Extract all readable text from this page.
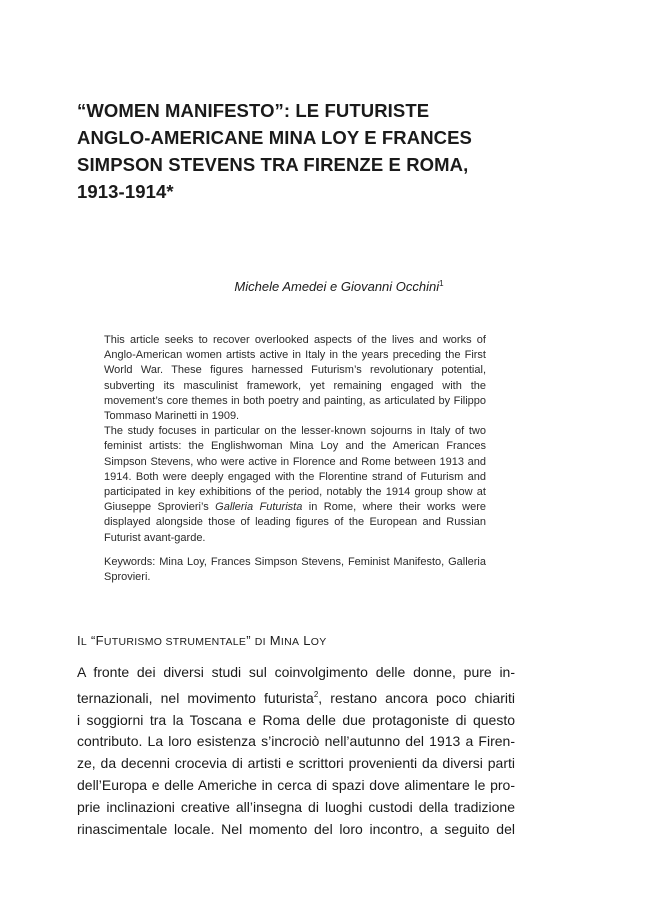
“WOMEN MANIFESTO”: LE FUTURISTE
ANGLO-AMERICANE MINA LOY E FRANCES
SIMPSON STEVENS TRA FIRENZE E ROMA,
1913-1914*
Michele Amedei e Giovanni Occhini$^1$

This article seeks to recover overlooked aspects of the lives and works of Anglo-American women artists active in Italy in the years preceding the First World War. These figures harnessed Futurism’s revolutionary potential, subverting its masculinist framework, yet remaining engaged with the movement’s core themes in both poetry and painting, as articulated by Filippo Tommaso Marinetti in 1909.

The study focuses in particular on the lesser-known sojourns in Italy of two feminist artists: the Englishwoman Mina Loy and the American Frances Simpson Stevens, who were active in Florence and Rome between 1913 and 1914. Both were deeply engaged with the Florentine strand of Futurism and participated in key exhibitions of the period, notably the 1914 group show at Giuseppe Sprovieri’s Galleria Futurista in Rome, where their works were displayed alongside those of leading figures of the European and Russian Futurist avant-garde.

Keywords: Mina Loy, Frances Simpson Stevens, Feminist Manifesto, Galleria Sprovieri.

IL “FUTURISMO STRUMENTALE” DI MINA LOY
A fronte dei diversi studi sul coinvolgimento delle donne, pure in-
ternazionali, nel movimento futurista$^2$, restano ancora poco chiariti
i soggiorni tra la Toscana e Roma delle due protagoniste di questo
contributo. La loro esistenza s’incrociò nell’autunno del 1913 a Firen-
ze, da decenni crocevia di artisti e scrittori provenienti da diversi parti
dell’Europa e delle Americhe in cerca di spazi dove alimentare le pro-
prie inclinazioni creative all’insegna di luoghi custodi della tradizione
rinascimentale locale. Nel momento del loro incontro, a seguito del
